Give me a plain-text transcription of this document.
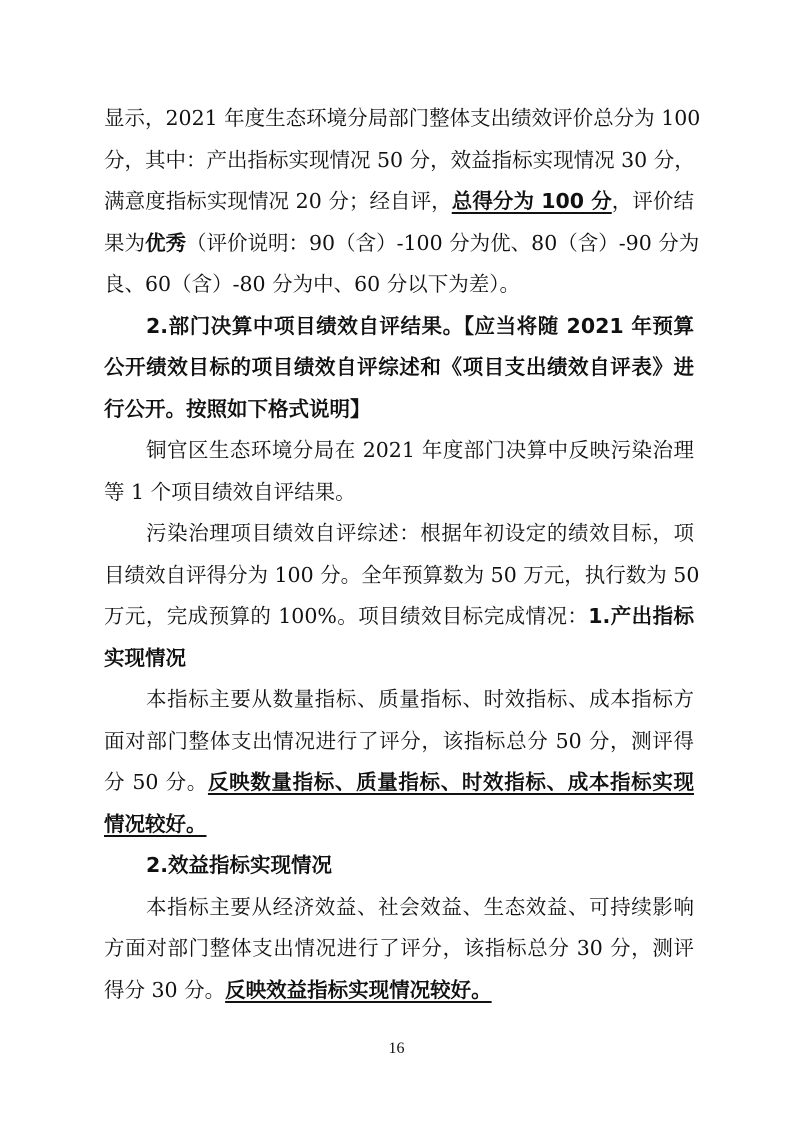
显示，2021 年度生态环境分局部门整体支出绩效评价总分为 100
分，其中：产出指标实现情况 50 分，效益指标实现情况 30 分，
满意度指标实现情况 20 分；经自评，总得分为 100 分，评价结
果为优秀（评价说明：90（含）-100 分为优、80（含）-90 分为
良、60（含）-80 分为中、60 分以下为差）。
2.部门决算中项目绩效自评结果。【应当将随 2021 年预算
公开绩效目标的项目绩效自评综述和《项目支出绩效自评表》进
行公开。按照如下格式说明】
铜官区生态环境分局在 2021 年度部门决算中反映污染治理
等 1 个项目绩效自评结果。
污染治理项目绩效自评综述：根据年初设定的绩效目标，项
目绩效自评得分为 100 分。全年预算数为 50 万元，执行数为 50
万元，完成预算的 100%。项目绩效目标完成情况：1.产出指标
实现情况
本指标主要从数量指标、质量指标、时效指标、成本指标方
面对部门整体支出情况进行了评分，该指标总分 50 分，测评得
分 50 分。反映数量指标、质量指标、时效指标、成本指标实现
情况较好。
2.效益指标实现情况
本指标主要从经济效益、社会效益、生态效益、可持续影响
方面对部门整体支出情况进行了评分，该指标总分 30 分，测评
得分 30 分。反映效益指标实现情况较好。
16
